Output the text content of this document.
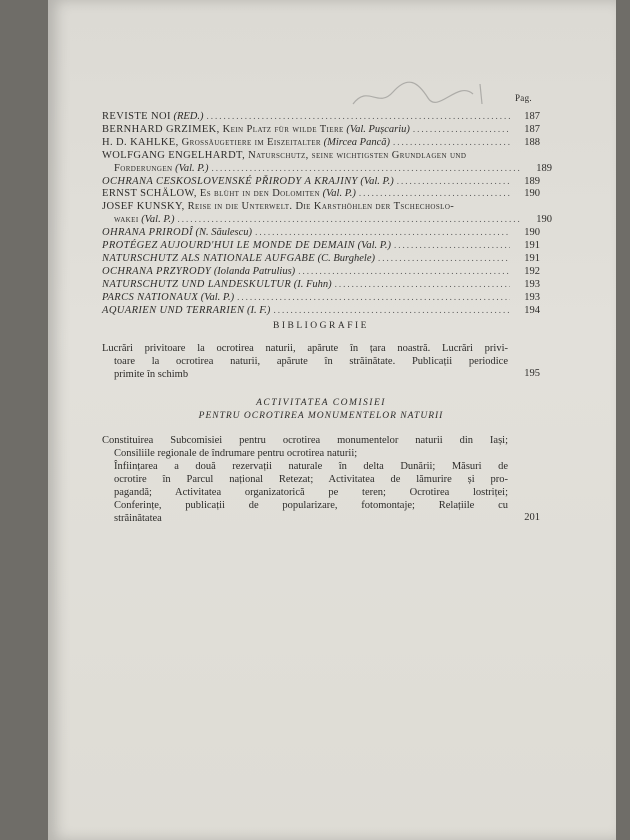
Pag.
REVISTE NOI (RED.) .....	187
BERNHARD GRZIMEK, Kein Platz für wilde Tiere (Val. Pușcariu) .....	187
H. D. KAHLKE, Grossäugetiere im Eiszeitalter (Mircea Pancă) .....	188
WOLFGANG ENGELHARDT, Naturschutz, seine wichtigsten Grundlagen und
Forderungen (Val. P.) .....	189
OCHRANA CESKOSLOVENSKÉ PŘIRODY A KRAJINY (Val. P.) .....	189
ERNST SCHÄLOW, Es blüht in den Dolomiten (Val. P.) .....	190
JOSEF KUNSKY, Reise in die Unterwelt. Die Karsthöhlen der Tschechoslo-
wakei (Val. P.) .....	190
OHRANA PRIRODÎ (N. Săulescu) .....	190
PROTÉGEZ AUJOURD'HUI LE MONDE DE DEMAIN (Val. P.) .....	191
NATURSCHUTZ ALS NATIONALE AUFGABE (C. Burghele) .....	191
OCHRANA PRZYRODY (Iolanda Patrulius) .....	192
NATURSCHUTZ UND LANDESKULTUR (I. Fuhn) .....	193
PARCS NATIONAUX (Val. P.) .....	193
AQUARIEN UND TERRARIEN (I. F.) .....	194
BIBLIOGRAFIE
Lucrări privitoare la ocrotirea naturii, apărute în țara noastră. Lucrări privi-
toare la ocrotirea naturii, apărute în străinătate. Publicații periodice
primite în schimb	195
ACTIVITATEA COMISIEI
PENTRU OCROTIREA MONUMENTELOR NATURII
Constituirea Subcomisiei pentru ocrotirea monumentelor naturii din Iași;
Consiliile regionale de îndrumare pentru ocrotirea naturii;
Înființarea a două rezervații naturale în delta Dunării; Măsuri de
ocrotire în Parcul național Retezat; Activitatea de lămurire și pro-
pagandă; Activitatea organizatorică pe teren; Ocrotirea lostriței;
Conferințe, publicații de popularizare, fotomontaje; Relațiile cu
străinătatea	201
